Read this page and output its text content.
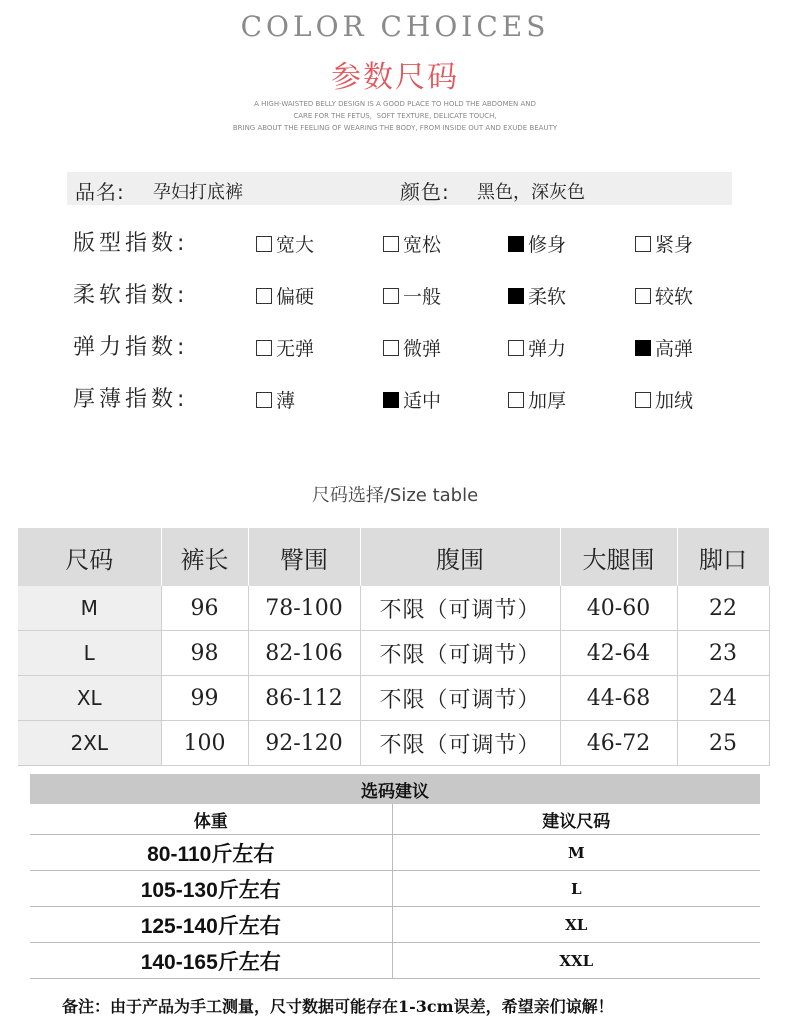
COLOR CHOICES
参数尺码
A HIGH-WAISTED BELLY DESIGN IS A GOOD PLACE TO HOLD THE ABDOMEN AND
CARE FOR THE FETUS，SOFT TEXTURE, DELICATE TOUCH,
BRING ABOUT THE FEELING OF WEARING THE BODY, FROM INSIDE OUT AND EXUDE BEAUTY
品名: 孕妇打底裤	颜色: 黑色，深灰色
版型指数:	宽大	宽松	修身	紧身
柔软指数:	偏硬	一般	柔软	较软
弹力指数:	无弹	微弹	弹力	高弹
厚薄指数:	薄	适中	加厚	加绒
尺码选择/Size table
尺码	裤长	臀围	腹围	大腿围	脚口
M	96	78-100	不限（可调节）	40-60	22
L	98	82-106	不限（可调节）	42-64	23
XL	99	86-112	不限（可调节）	44-68	24
2XL	100	92-120	不限（可调节）	46-72	25
选码建议	
体重	建议尺码
80-110斤左右	M
105-130斤左右	L
125-140斤左右	XL
140-165斤左右	XXL
备注：由于产品为手工测量，尺寸数据可能存在1-3cm误差，希望亲们谅解！
